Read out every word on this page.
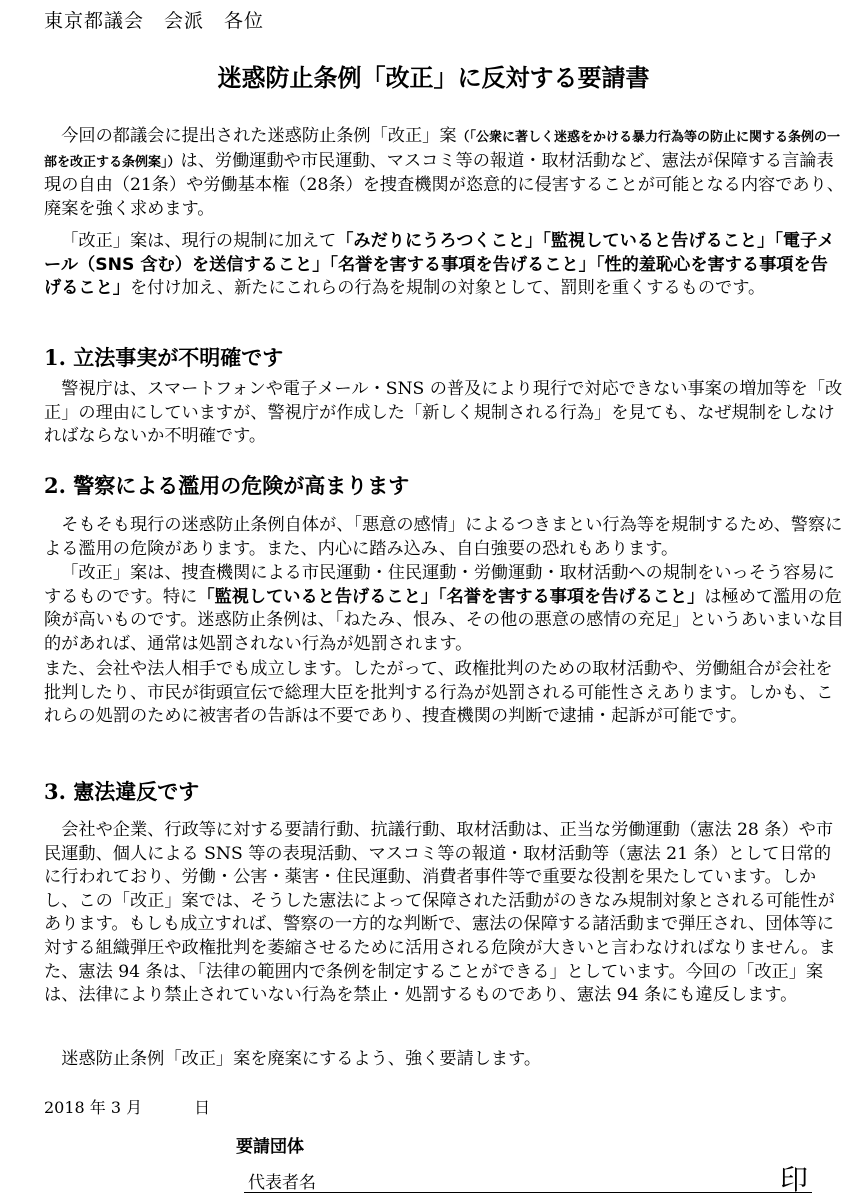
東京都議会　会派　各位
迷惑防止条例「改正」に反対する要請書
今回の都議会に提出された迷惑防止条例「改正」案（「公衆に著しく迷惑をかける暴力行為等の防止に関する条例の一部を改正する条例案」）は、労働運動や市民運動、マスコミ等の報道・取材活動など、憲法が保障する言論表現の自由（21条）や労働基本権（28条）を捜査機関が恣意的に侵害することが可能となる内容であり、廃案を強く求めます。
「改正」案は、現行の規制に加えて「みだりにうろつくこと」「監視していると告げること」「電子メール（SNS 含む）を送信すること」「名誉を害する事項を告げること」「性的羞恥心を害する事項を告げること」を付け加え、新たにこれらの行為を規制の対象として、罰則を重くするものです。
1. 立法事実が不明確です
警視庁は、スマートフォンや電子メール・SNS の普及により現行で対応できない事案の増加等を「改正」の理由にしていますが、警視庁が作成した「新しく規制される行為」を見ても、なぜ規制をしなければならないか不明確です。
2. 警察による濫用の危険が高まります
そもそも現行の迷惑防止条例自体が、「悪意の感情」によるつきまとい行為等を規制するため、警察による濫用の危険があります。また、内心に踏み込み、自白強要の恐れもあります。
「改正」案は、捜査機関による市民運動・住民運動・労働運動・取材活動への規制をいっそう容易にするものです。特に「監視していると告げること」「名誉を害する事項を告げること」は極めて濫用の危険が高いものです。迷惑防止条例は、「ねたみ、恨み、その他の悪意の感情の充足」というあいまいな目的があれば、通常は処罰されない行為が処罰されます。
また、会社や法人相手でも成立します。したがって、政権批判のための取材活動や、労働組合が会社を批判したり、市民が街頭宣伝で総理大臣を批判する行為が処罰される可能性さえあります。しかも、これらの処罰のために被害者の告訴は不要であり、捜査機関の判断で逮捕・起訴が可能です。
3. 憲法違反です
会社や企業、行政等に対する要請行動、抗議行動、取材活動は、正当な労働運動（憲法 28 条）や市民運動、個人による SNS 等の表現活動、マスコミ等の報道・取材活動等（憲法 21 条）として日常的に行われており、労働・公害・薬害・住民運動、消費者事件等で重要な役割を果たしています。しかし、この「改正」案では、そうした憲法によって保障された活動がのきなみ規制対象とされる可能性があります。もしも成立すれば、警察の一方的な判断で、憲法の保障する諸活動まで弾圧され、団体等に対する組織弾圧や政権批判を萎縮させるために活用される危険が大きいと言わなければなりません。また、憲法 94 条は、「法律の範囲内で条例を制定することができる」としています。今回の「改正」案は、法律により禁止されていない行為を禁止・処罰するものであり、憲法 94 条にも違反します。
迷惑防止条例「改正」案を廃案にするよう、強く要請します。
2018 年 3 月	日
要請団体
代表者名	印
